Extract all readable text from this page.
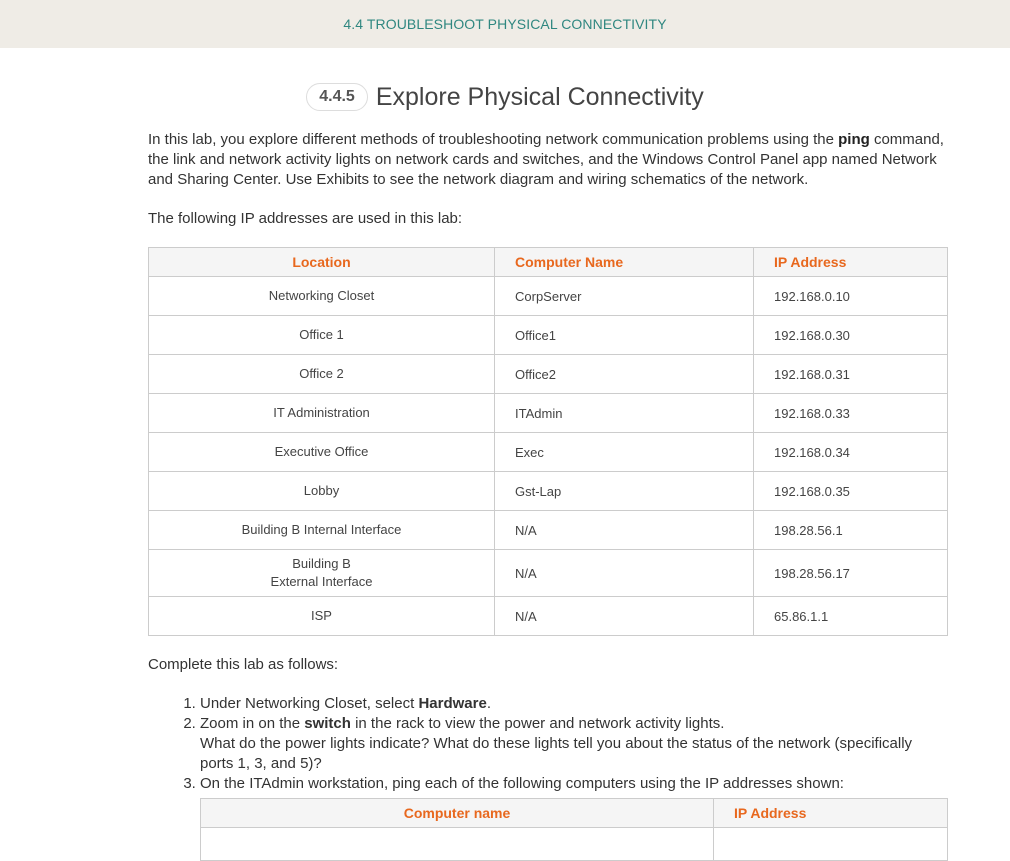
4.4 TROUBLESHOOT PHYSICAL CONNECTIVITY
4.4.5 Explore Physical Connectivity

In this lab, you explore different methods of troubleshooting network communication problems using the ping command, the link and network activity lights on network cards and switches, and the Windows Control Panel app named Network and Sharing Center. Use Exhibits to see the network diagram and wiring schematics of the network.

The following IP addresses are used in this lab:

Location	Computer Name	IP Address
Networking Closet	CorpServer	192.168.0.10
Office 1	Office1	192.168.0.30
Office 2	Office2	192.168.0.31
IT Administration	ITAdmin	192.168.0.33
Executive Office	Exec	192.168.0.34
Lobby	Gst-Lap	192.168.0.35
Building B Internal Interface	N/A	198.28.56.1

Building B
External Interface	N/A	198.28.56.17
ISP	N/A	65.86.1.1

Complete this lab as follows:

1. Under Networking Closet, select Hardware.
2. Zoom in on the switch in the rack to view the power and network activity lights.
What do the power lights indicate? What do these lights tell you about the status of the network (specifically ports 1, 3, and 5)?
3. On the ITAdmin workstation, ping each of the following computers using the IP addresses shown:
Computer name	IP Address
